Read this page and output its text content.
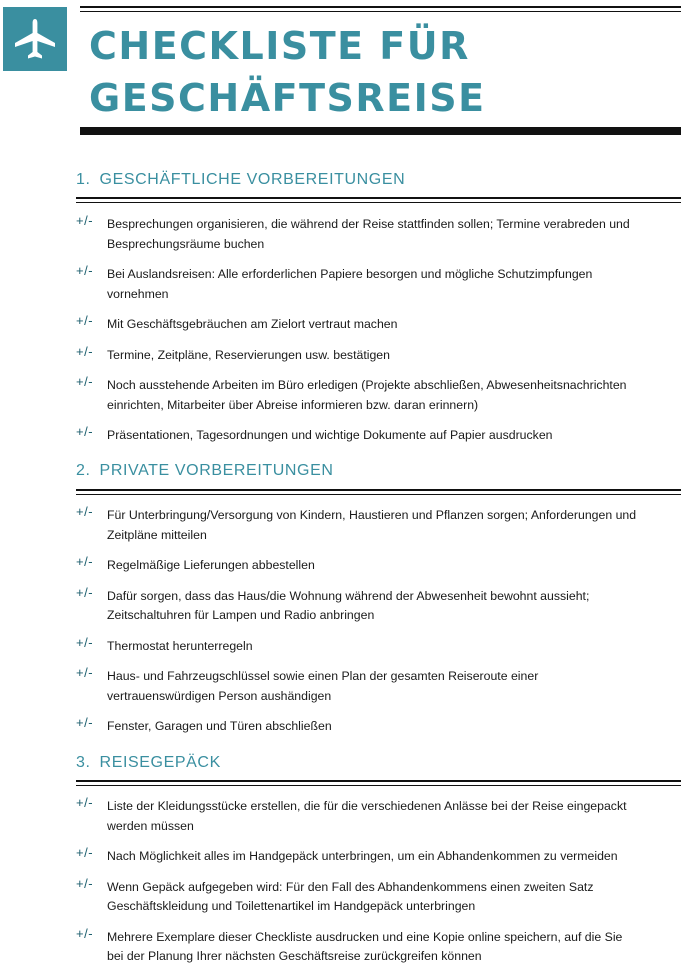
CHECKLISTE FÜR
GESCHÄFTSREISE
1. GESCHÄFTLICHE VORBEREITUNGEN
+/- Besprechungen organisieren, die während der Reise stattfinden sollen; Termine verabreden und Besprechungsräume buchen
+/- Bei Auslandsreisen: Alle erforderlichen Papiere besorgen und mögliche Schutzimpfungen vornehmen
+/- Mit Geschäftsgebräuchen am Zielort vertraut machen
+/- Termine, Zeitpläne, Reservierungen usw. bestätigen
+/- Noch ausstehende Arbeiten im Büro erledigen (Projekte abschließen, Abwesenheitsnachrichten einrichten, Mitarbeiter über Abreise informieren bzw. daran erinnern)
+/- Präsentationen, Tagesordnungen und wichtige Dokumente auf Papier ausdrucken
2. PRIVATE VORBEREITUNGEN
+/- Für Unterbringung/Versorgung von Kindern, Haustieren und Pflanzen sorgen; Anforderungen und Zeitpläne mitteilen
+/- Regelmäßige Lieferungen abbestellen
+/- Dafür sorgen, dass das Haus/die Wohnung während der Abwesenheit bewohnt aussieht; Zeitschaltuhren für Lampen und Radio anbringen
+/- Thermostat herunterregeln
+/- Haus- und Fahrzeugschlüssel sowie einen Plan der gesamten Reiseroute einer vertrauenswürdigen Person aushändigen
+/- Fenster, Garagen und Türen abschließen
3. REISEGEPÄCK
+/- Liste der Kleidungsstücke erstellen, die für die verschiedenen Anlässe bei der Reise eingepackt werden müssen
+/- Nach Möglichkeit alles im Handgepäck unterbringen, um ein Abhandenkommen zu vermeiden
+/- Wenn Gepäck aufgegeben wird: Für den Fall des Abhandenkommens einen zweiten Satz Geschäftskleidung und Toilettenartikel im Handgepäck unterbringen
+/- Mehrere Exemplare dieser Checkliste ausdrucken und eine Kopie online speichern, auf die Sie bei der Planung Ihrer nächsten Geschäftsreise zurückgreifen können
